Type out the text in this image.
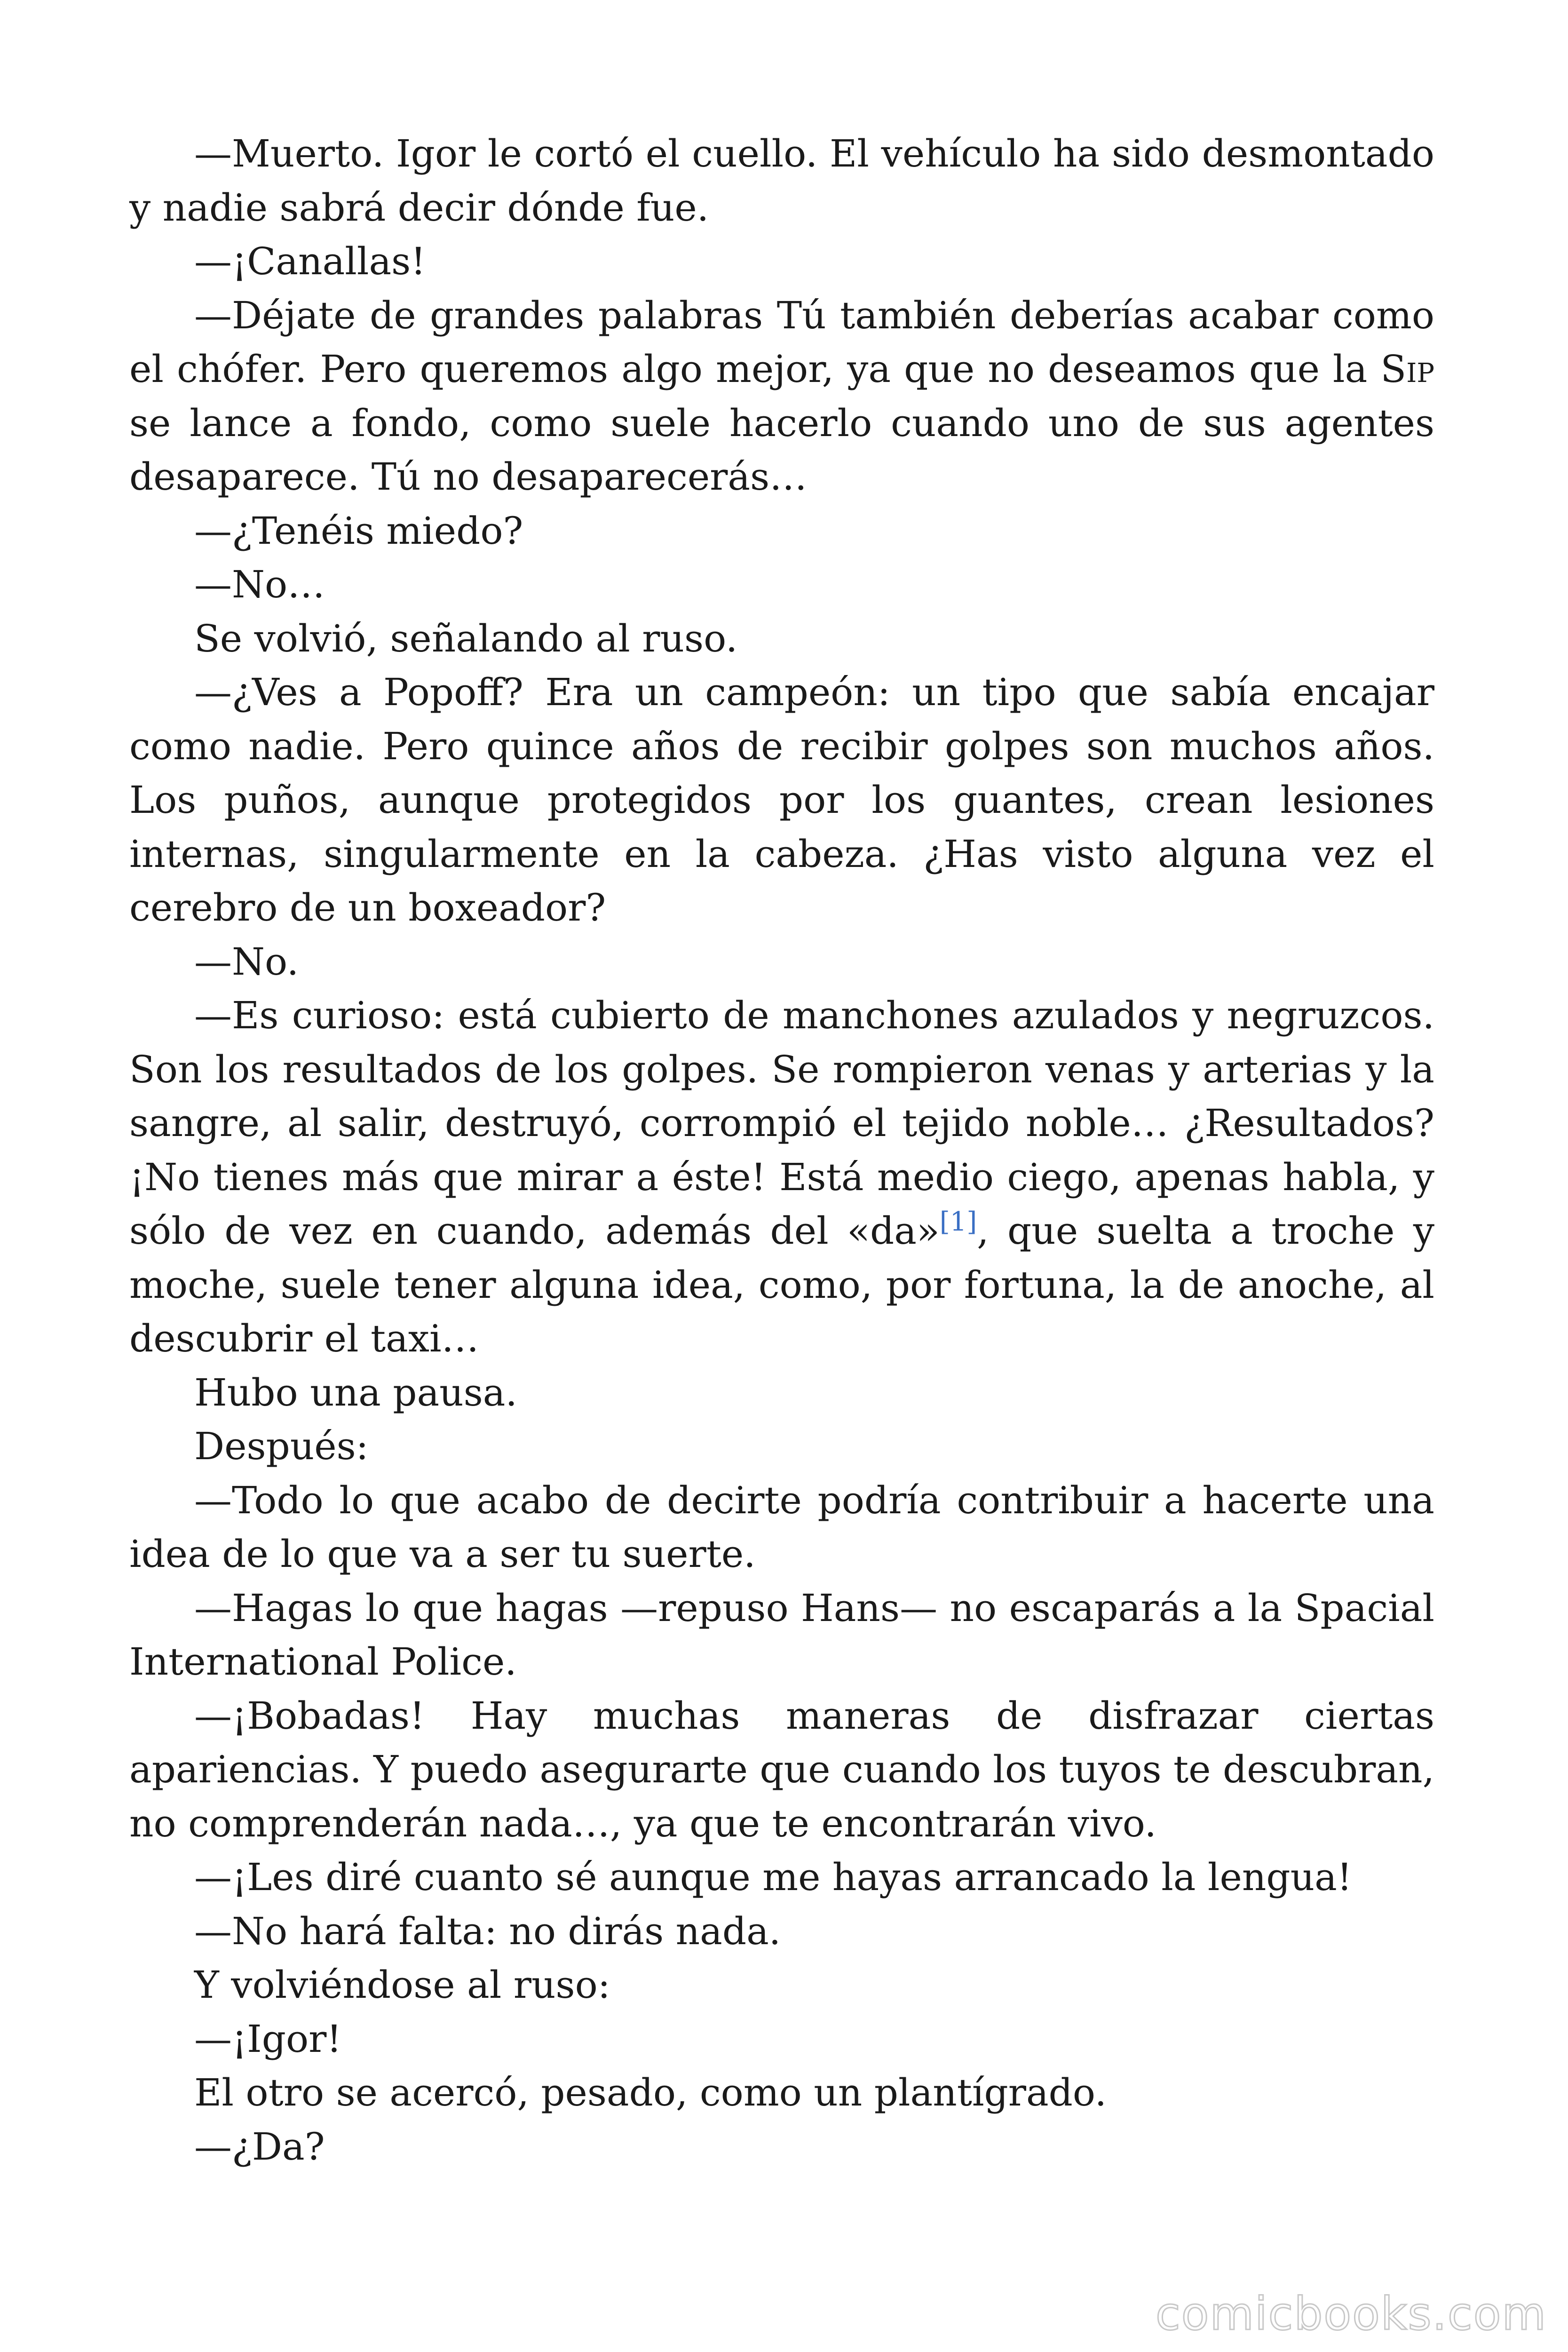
—Muerto. Igor le cortó el cuello. El vehículo ha sido desmontado y nadie sabrá decir dónde fue.

—¡Canallas!

—Déjate de grandes palabras Tú también deberías acabar como el chófer. Pero queremos algo mejor, ya que no deseamos que la Sip se lance a fondo, como suele hacerlo cuando uno de sus agentes desaparece. Tú no desaparecerás…

—¿Tenéis miedo?

—No…

Se volvió, señalando al ruso.

—¿Ves a Popoff? Era un campeón: un tipo que sabía encajar como nadie. Pero quince años de recibir golpes son muchos años. Los puños, aunque protegidos por los guantes, crean lesiones internas, singularmente en la cabeza. ¿Has visto alguna vez el cerebro de un boxeador?

—No.

—Es curioso: está cubierto de manchones azulados y negruzcos. Son los resultados de los golpes. Se rompieron venas y arterias y la sangre, al salir, destruyó, corrompió el tejido noble… ¿Resultados? ¡No tienes más que mirar a éste! Está medio ciego, apenas habla, y sólo de vez en cuando, además del «da»[1], que suelta a troche y moche, suele tener alguna idea, como, por fortuna, la de anoche, al descubrir el taxi…

Hubo una pausa.

Después:

—Todo lo que acabo de decirte podría contribuir a hacerte una idea de lo que va a ser tu suerte.

—Hagas lo que hagas —repuso Hans— no escaparás a la Spacial International Police.

—¡Bobadas! Hay muchas maneras de disfrazar ciertas apariencias. Y puedo asegurarte que cuando los tuyos te descubran, no comprenderán nada…, ya que te encontrarán vivo.

—¡Les diré cuanto sé aunque me hayas arrancado la lengua!

—No hará falta: no dirás nada.

Y volviéndose al ruso:

—¡Igor!

El otro se acercó, pesado, como un plantígrado.

—¿Da?

comicbooks.com
